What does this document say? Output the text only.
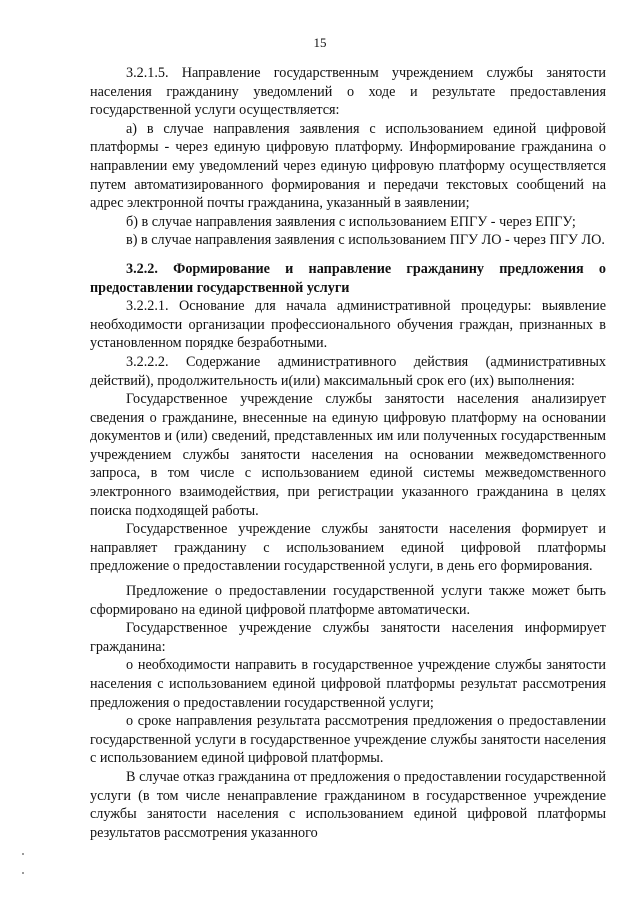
15

3.2.1.5. Направление государственным учреждением службы занятости населения гражданину уведомлений о ходе и результате предоставления государственной услуги осуществляется:

а) в случае направления заявления с использованием единой цифровой платформы - через единую цифровую платформу. Информирование гражданина о направлении ему уведомлений через единую цифровую платформу осуществляется путем автоматизированного формирования и передачи текстовых сообщений на адрес электронной почты гражданина, указанный в заявлении;

б) в случае направления заявления с использованием ЕПГУ - через ЕПГУ;

в) в случае направления заявления с использованием ПГУ ЛО - через ПГУ ЛО.

3.2.2. Формирование и направление гражданину предложения о предоставлении государственной услуги

3.2.2.1. Основание для начала административной процедуры: выявление необходимости организации профессионального обучения граждан, признанных в установленном порядке безработными.

3.2.2.2. Содержание административного действия (административных действий), продолжительность и(или) максимальный срок его (их) выполнения:

Государственное учреждение службы занятости населения анализирует сведения о гражданине, внесенные на единую цифровую платформу на основании документов и (или) сведений, представленных им или полученных государственным учреждением службы занятости населения на основании межведомственного запроса, в том числе с использованием единой системы межведомственного электронного взаимодействия, при регистрации указанного гражданина в целях поиска подходящей работы.

Государственное учреждение службы занятости населения формирует и направляет гражданину с использованием единой цифровой платформы предложение о предоставлении государственной услуги, в день его формирования.

Предложение о предоставлении государственной услуги также может быть сформировано на единой цифровой платформе автоматически.

Государственное учреждение службы занятости населения информирует гражданина:

о необходимости направить в государственное учреждение службы занятости населения с использованием единой цифровой платформы результат рассмотрения предложения о предоставлении государственной услуги;

о сроке направления результата рассмотрения предложения о предоставлении государственной услуги в государственное учреждение службы занятости населения с использованием единой цифровой платформы.

В случае отказ гражданина от предложения о предоставлении государственной услуги (в том числе ненаправление гражданином в государственное учреждение службы занятости населения с использованием единой цифровой платформы результатов рассмотрения указанного
